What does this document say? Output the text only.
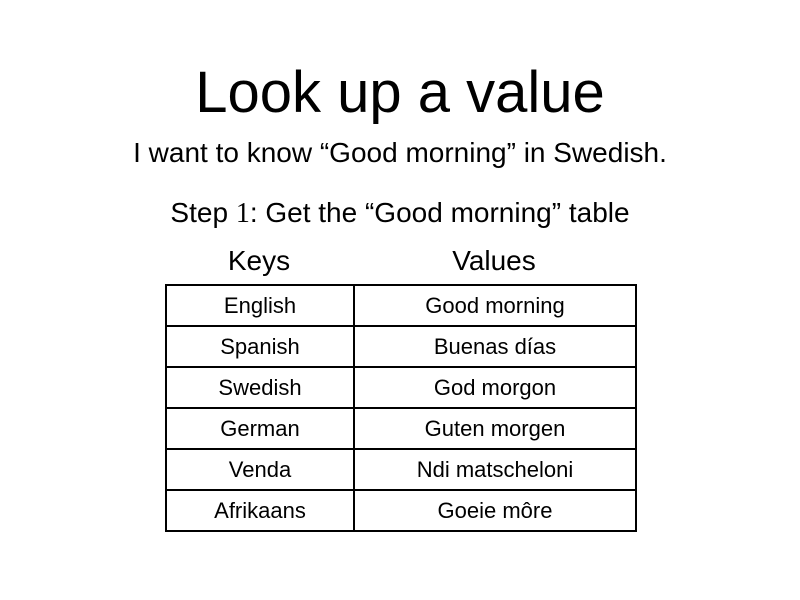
Look up a value
I want to know “Good morning” in Swedish.
Step 1: Get the “Good morning” table
Keys	Values
English	Good morning
Spanish	Buenas días
Swedish	God morgon
German	Guten morgen
Venda	Ndi matscheloni
Afrikaans	Goeie môre
